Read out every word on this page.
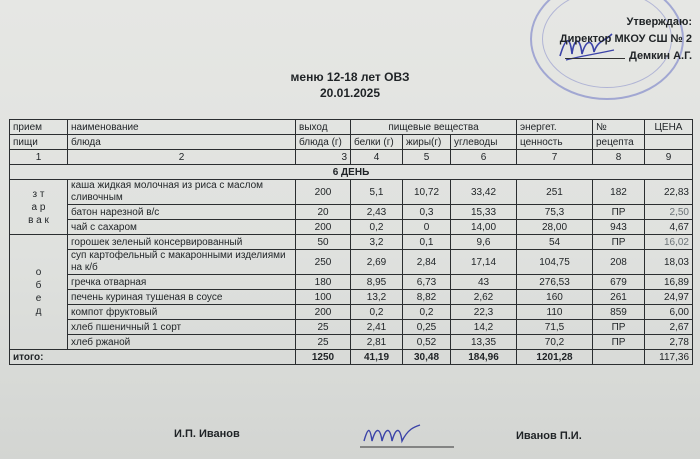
Утверждаю:
Директор МКОУ СШ № 2
Демкин А.Г.
меню 12-18 лет ОВЗ
20.01.2025
прием	наименование	выход	пищевые вещества			энергет.	№	ЦЕНА
пищи	блюда	блюда (г)	белки (г)	жиры(г)	углеводы	ценность	рецепта	
1	2	3	4	5	6	7	8	9
6 ДЕНЬ								

з т
а р
в а к	каша жидкая молочная из риса с маслом сливочным	200	5,1	10,72	33,42	251	182	22,83

	батон нарезной в/с	20	2,43	0,3	15,33	75,3	ПР	2,50
	чай с сахаром	200	0,2	0	14,00	28,00	943	4,67

о
б
е
д	горошек зеленый консервированный	50	3,2	0,1	9,6	54	ПР	16,02
	суп картофельный с макаронными изделиями на к/б	250	2,69	2,84	17,14	104,75	208	18,03

	гречка отварная	180	8,95	6,73	43	276,53	679	16,89
	печень куриная тушеная в соусе	100	13,2	8,82	2,62	160	261	24,97
	компот фруктовый	200	0,2	0,2	22,3	110	859	6,00
	хлеб пшеничный 1 сорт	25	2,41	0,25	14,2	71,5	ПР	2,67
	хлеб ржаной	25	2,81	0,52	13,35	70,2	ПР	2,78
итого:		1250	41,19	30,48	184,96	1201,28		117,36
И.П. Иванов	Иванов П.И.
